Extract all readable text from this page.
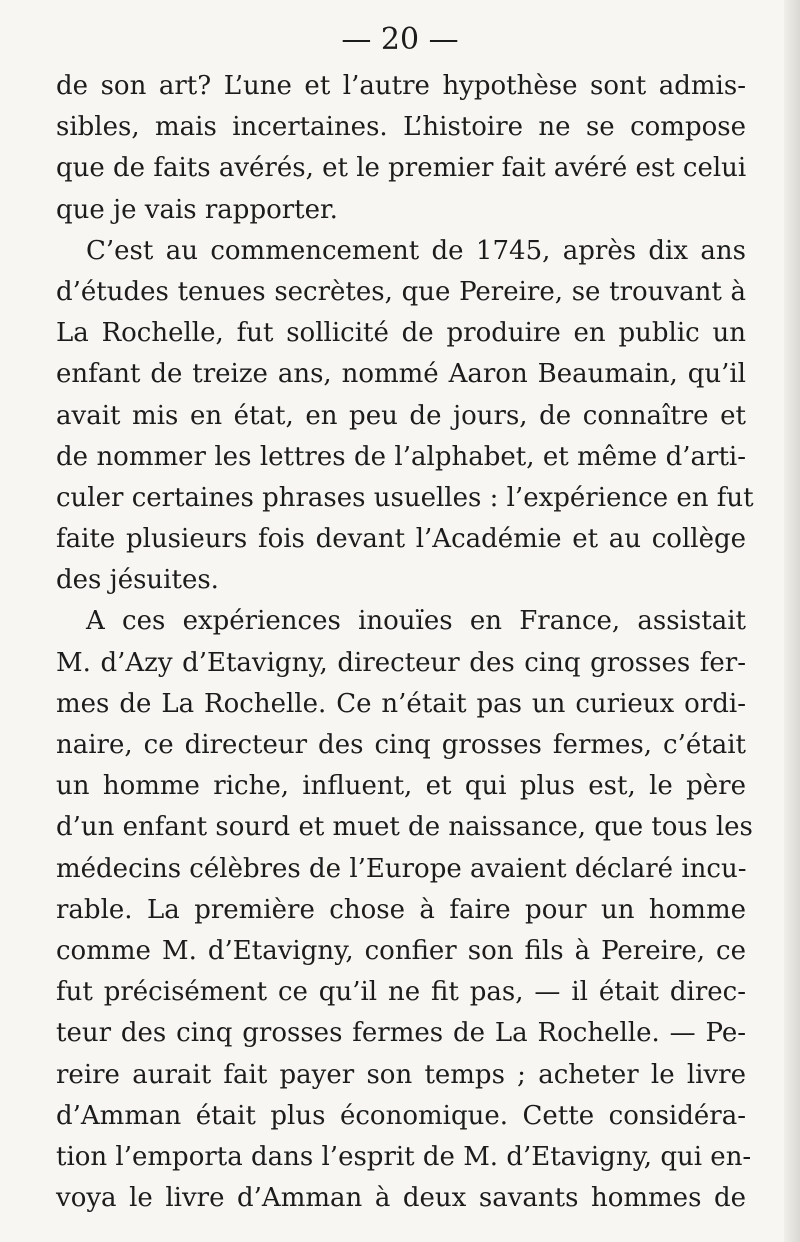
— 20 —
de son art? L’une et l’autre hypothèse sont admis-
sibles, mais incertaines. L’histoire ne se compose
que de faits avérés, et le premier fait avéré est celui
que je vais rapporter.
C’est au commencement de 1745, après dix ans
d’études tenues secrètes, que Pereire, se trouvant à
La Rochelle, fut sollicité de produire en public un
enfant de treize ans, nommé Aaron Beaumain, qu’il
avait mis en état, en peu de jours, de connaître et
de nommer les lettres de l’alphabet, et même d’arti-
culer certaines phrases usuelles : l’expérience en fut
faite plusieurs fois devant l’Académie et au collège
des jésuites.
A ces expériences inouïes en France, assistait
M. d’Azy d’Etavigny, directeur des cinq grosses fer-
mes de La Rochelle. Ce n’était pas un curieux ordi-
naire, ce directeur des cinq grosses fermes, c’était
un homme riche, influent, et qui plus est, le père
d’un enfant sourd et muet de naissance, que tous les
médecins célèbres de l’Europe avaient déclaré incu-
rable. La première chose à faire pour un homme
comme M. d’Etavigny, confier son fils à Pereire, ce
fut précisément ce qu’il ne fit pas, — il était direc-
teur des cinq grosses fermes de La Rochelle. — Pe-
reire aurait fait payer son temps ; acheter le livre
d’Amman était plus économique. Cette considéra-
tion l’emporta dans l’esprit de M. d’Etavigny, qui en-
voya le livre d’Amman à deux savants hommes de
